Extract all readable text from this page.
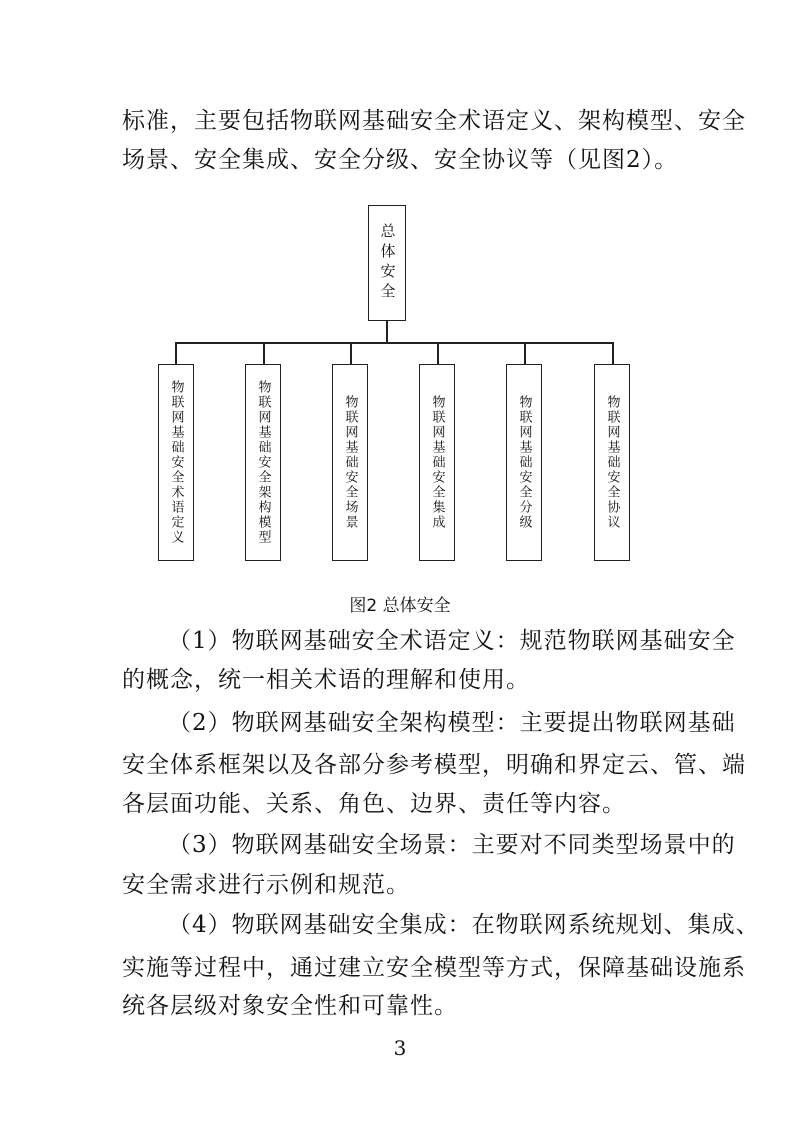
标准，主要包括物联网基础安全术语定义、架构模型、安全
场景、安全集成、安全分级、安全协议等（见图2）。
总体安全
物联网基础安全术语定义	物联网基础安全架构模型	物联网基础安全场景	物联网基础安全集成	物联网基础安全分级	物联网基础安全协议
图2 总体安全
（1）物联网基础安全术语定义：规范物联网基础安全
的概念，统一相关术语的理解和使用。
（2）物联网基础安全架构模型：主要提出物联网基础
安全体系框架以及各部分参考模型，明确和界定云、管、端
各层面功能、关系、角色、边界、责任等内容。
（3）物联网基础安全场景：主要对不同类型场景中的
安全需求进行示例和规范。
（4）物联网基础安全集成：在物联网系统规划、集成、
实施等过程中，通过建立安全模型等方式，保障基础设施系
统各层级对象安全性和可靠性。
3
